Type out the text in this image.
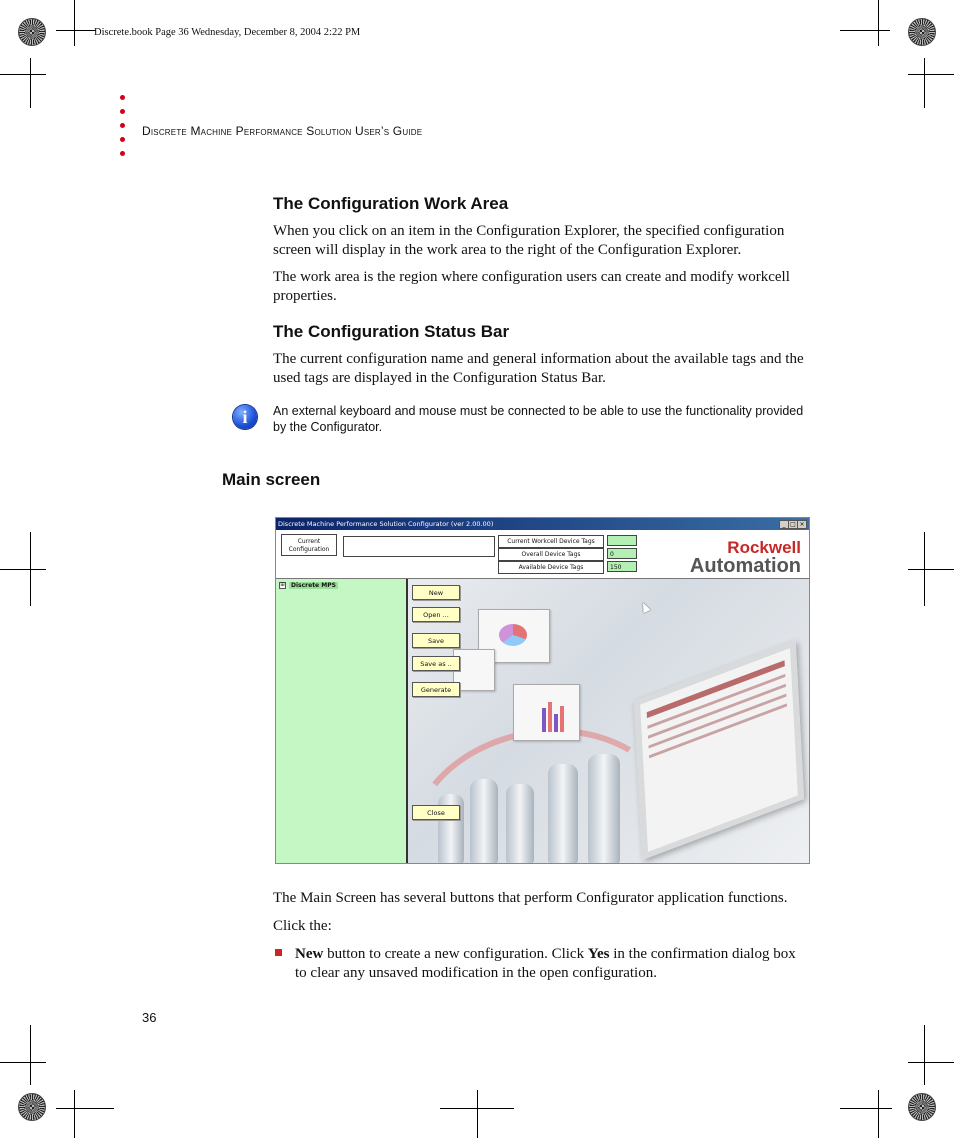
Discrete.book Page 36 Wednesday, December 8, 2004 2:22 PM
Discrete Machine Performance Solution User’s Guide
The Configuration Work Area

When you click on an item in the Configuration Explorer, the specified configuration screen will display in the work area to the right of the Configuration Explorer.

The work area is the region where configuration users can create and modify workcell properties.

The Configuration Status Bar

The current configuration name and general information about the available tags and the used tags are displayed in the Configuration Status Bar.

i	An external keyboard and mouse must be connected to be able to use the functionality provided by the Configurator.

Main screen
Discrete Machine Performance Solution Configurator (ver 2.00.00)	_ □ ×
Current Configuration
Current Workcell Device Tags
Overall Device Tags
Available Device Tags
0
150
Rockwell
Automation
⊞	Discrete MPS
New
Open ...
Save
Save as ..
Generate
Close

The Main Screen has several buttons that perform Configurator application functions.

Click the:

New button to create a new configuration. Click Yes in the confirmation dialog box to clear any unsaved modification in the open configuration.

36
